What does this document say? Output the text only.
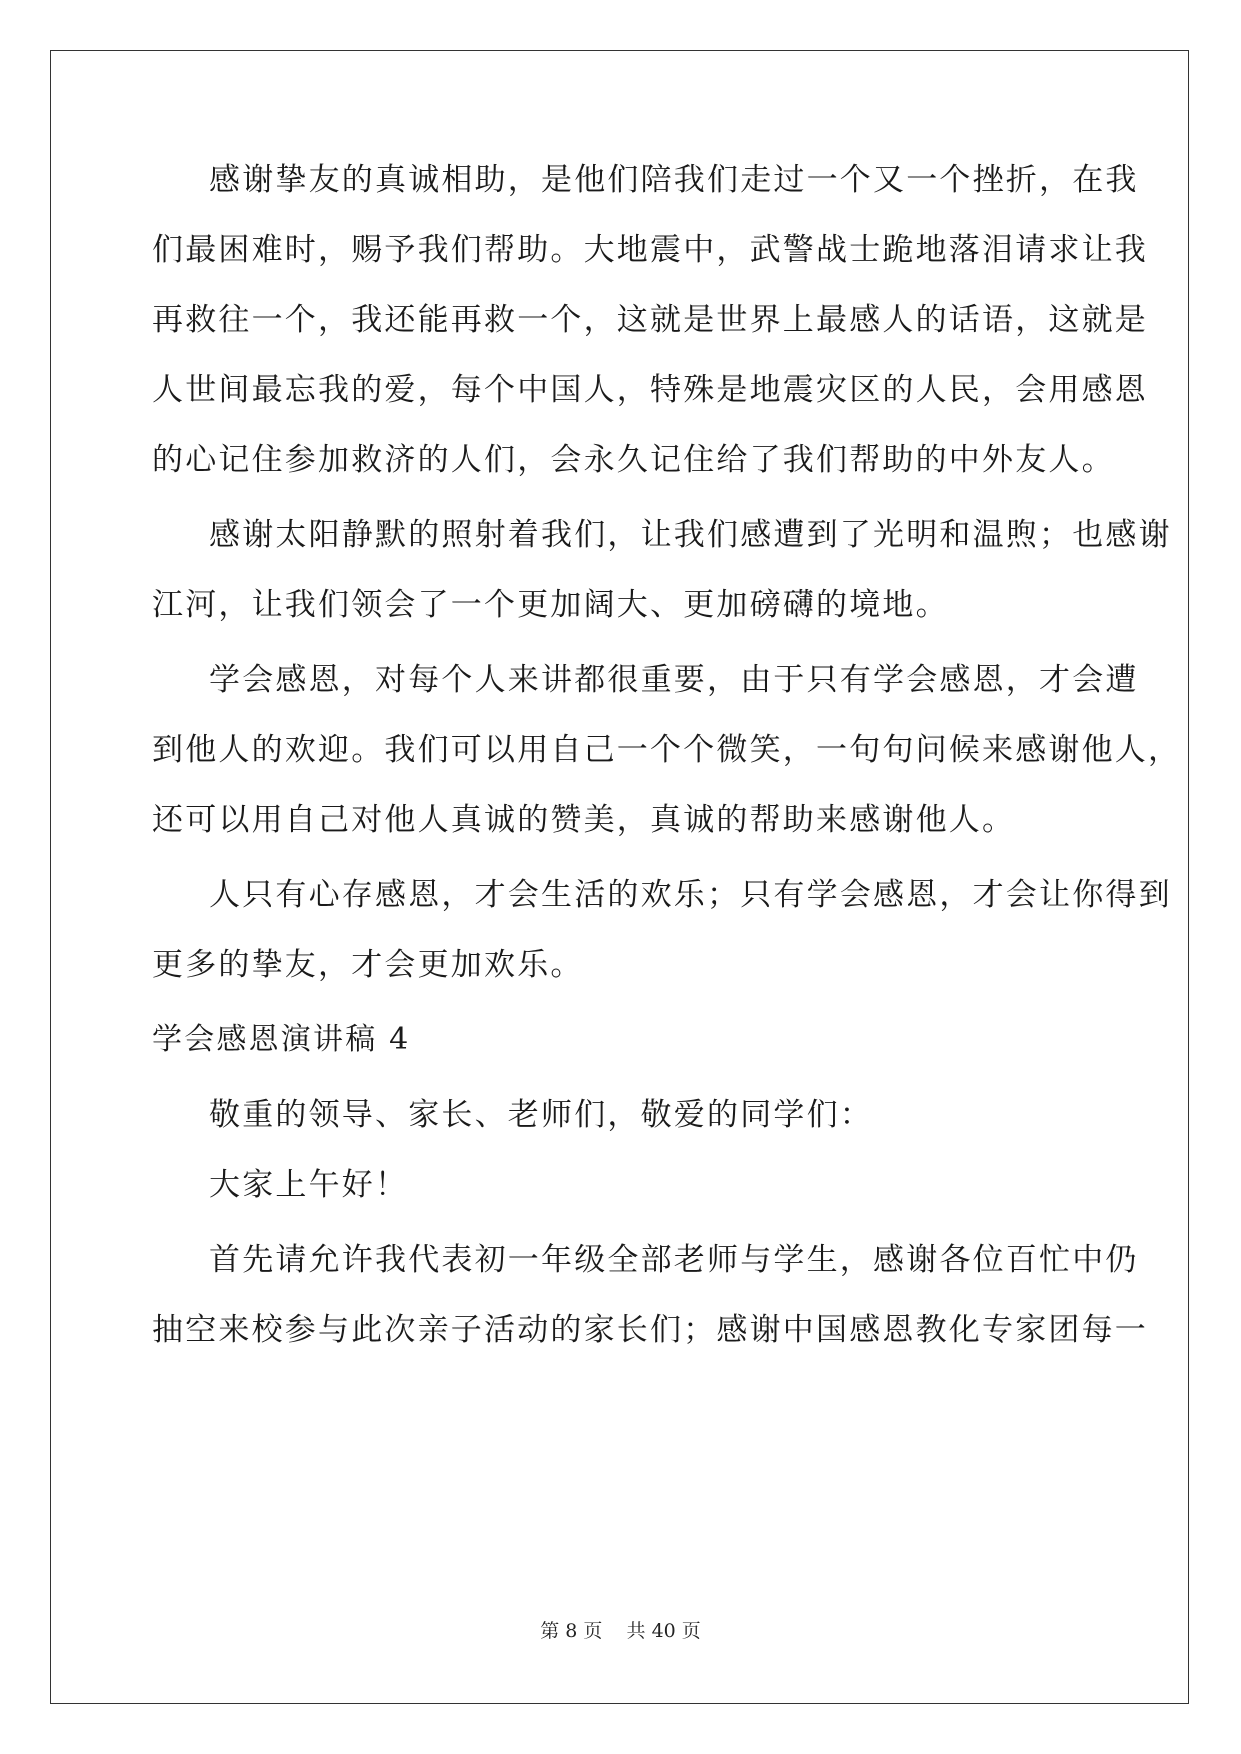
感谢挚友的真诚相助，是他们陪我们走过一个又一个挫折，在我
们最困难时，赐予我们帮助。大地震中，武警战士跪地落泪请求让我
再救往一个，我还能再救一个，这就是世界上最感人的话语，这就是
人世间最忘我的爱，每个中国人，特殊是地震灾区的人民，会用感恩
的心记住参加救济的人们，会永久记住给了我们帮助的中外友人。
感谢太阳静默的照射着我们，让我们感遭到了光明和温煦；也感谢
江河，让我们领会了一个更加阔大、更加磅礴的境地。
学会感恩，对每个人来讲都很重要，由于只有学会感恩，才会遭
到他人的欢迎。我们可以用自己一个个微笑，一句句问候来感谢他人，
还可以用自己对他人真诚的赞美，真诚的帮助来感谢他人。
人只有心存感恩，才会生活的欢乐；只有学会感恩，才会让你得到
更多的挚友，才会更加欢乐。
学会感恩演讲稿 4
敬重的领导、家长、老师们，敬爱的同学们：
大家上午好！
首先请允许我代表初一年级全部老师与学生，感谢各位百忙中仍
抽空来校参与此次亲子活动的家长们；感谢中国感恩教化专家团每一
第 8 页    共 40 页
